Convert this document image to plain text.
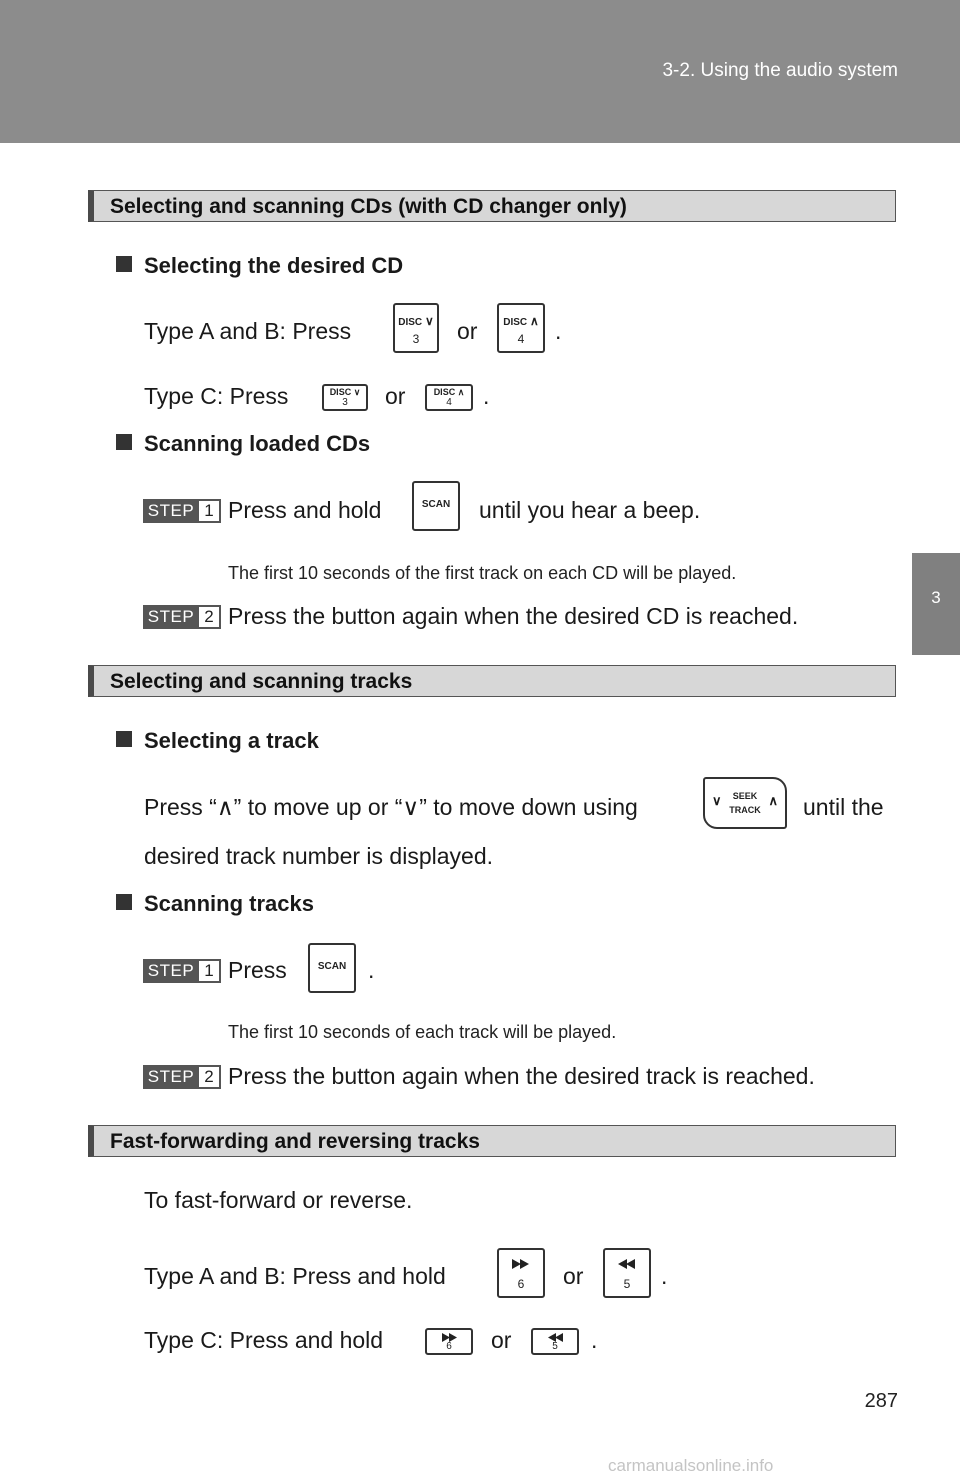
3-2. Using the audio system
3
Interior features
Selecting and scanning CDs (with CD changer only)
Selecting the desired CD
Type A and B: Press	DISC ∨
3	or	DISC ∧
4	.
Type C: Press	DISC ∨
3	or	DISC ∧
4	.
Scanning loaded CDs
STEP 1 Press and hold	SCAN	until you hear a beep.
The first 10 seconds of the first track on each CD will be played.
STEP 2 Press the button again when the desired CD is reached.
Selecting and scanning tracks
Selecting a track
Press “∧” to move up or “∨” to move down using	∨	SEEK
TRACK
∧ until the
desired track number is displayed.
Scanning tracks
STEP 1 Press	SCAN .
The first 10 seconds of each track will be played.
STEP 2 Press the button again when the desired track is reached.
Fast-forwarding and reversing tracks
To fast-forward or reverse.
Type A and B: Press and hold	6	or	5	.
Type C: Press and hold	6	or	5	.
287
carmanualsonline.info
